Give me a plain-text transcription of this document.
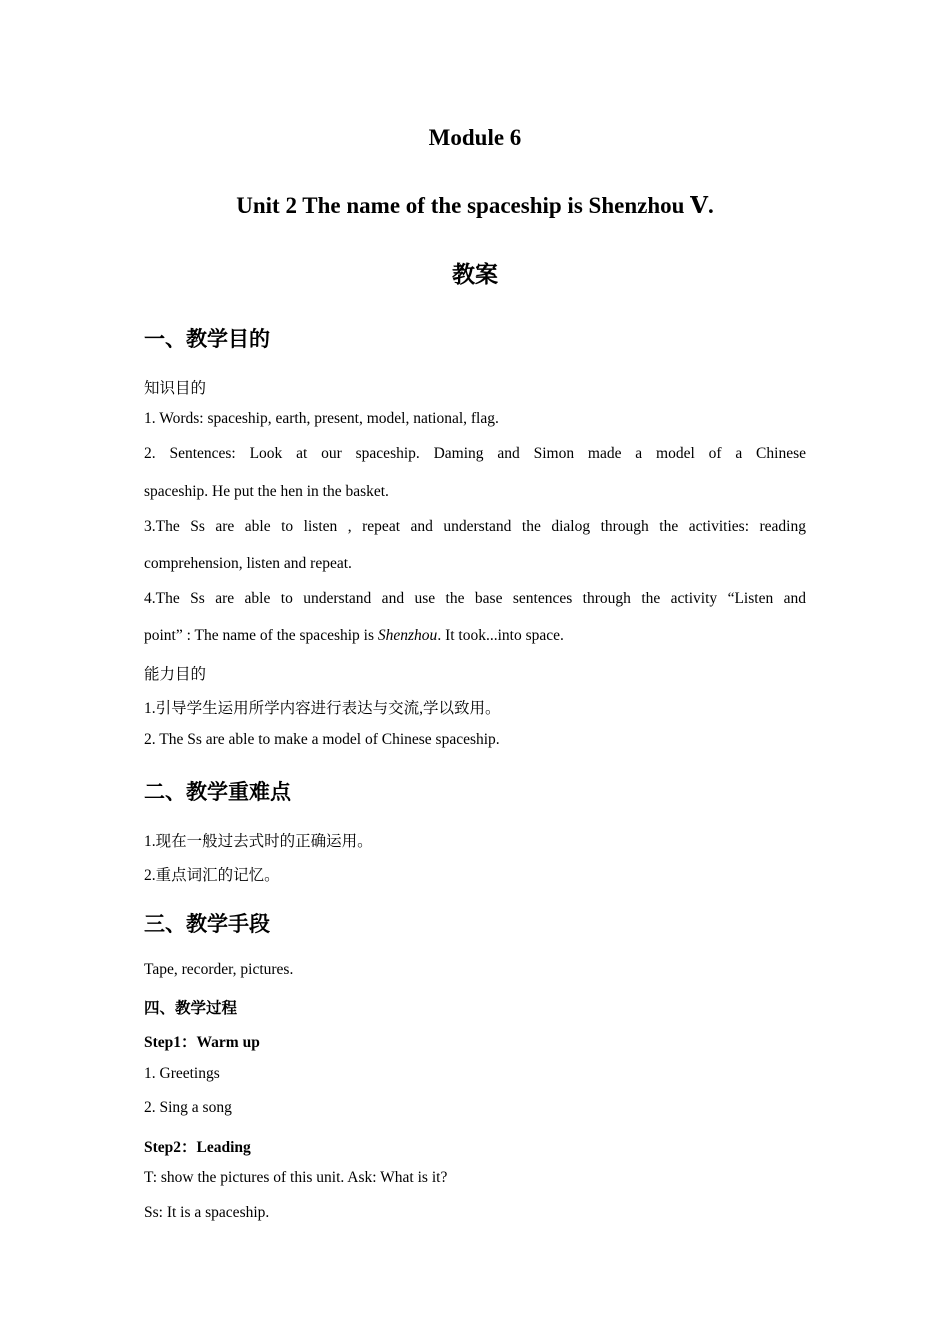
Module 6
Unit 2 The name of the spaceship is Shenzhou Ⅴ.
教案
一、教学目的
知识目的
1. Words: spaceship, earth, present, model, national, flag.
2. Sentences: Look at our spaceship. Daming and Simon made a model of a Chinese
spaceship. He put the hen in the basket.
3.The Ss are able to listen , repeat and understand the dialog through the activities: reading
comprehension, listen and repeat.
4.The Ss are able to understand and use the base sentences through the activity “Listen and
point” : The name of the spaceship is Shenzhou. It took...into space.
能力目的
1.引导学生运用所学内容进行表达与交流,学以致用。
2. The Ss are able to make a model of Chinese spaceship.
二、教学重难点
1.现在一般过去式时的正确运用。
2.重点词汇的记忆。
三、教学手段
Tape, recorder, pictures.
四、教学过程
Step1：Warm up
1. Greetings
2. Sing a song
Step2：Leading
T: show the pictures of this unit. Ask: What is it?
Ss: It is a spaceship.
